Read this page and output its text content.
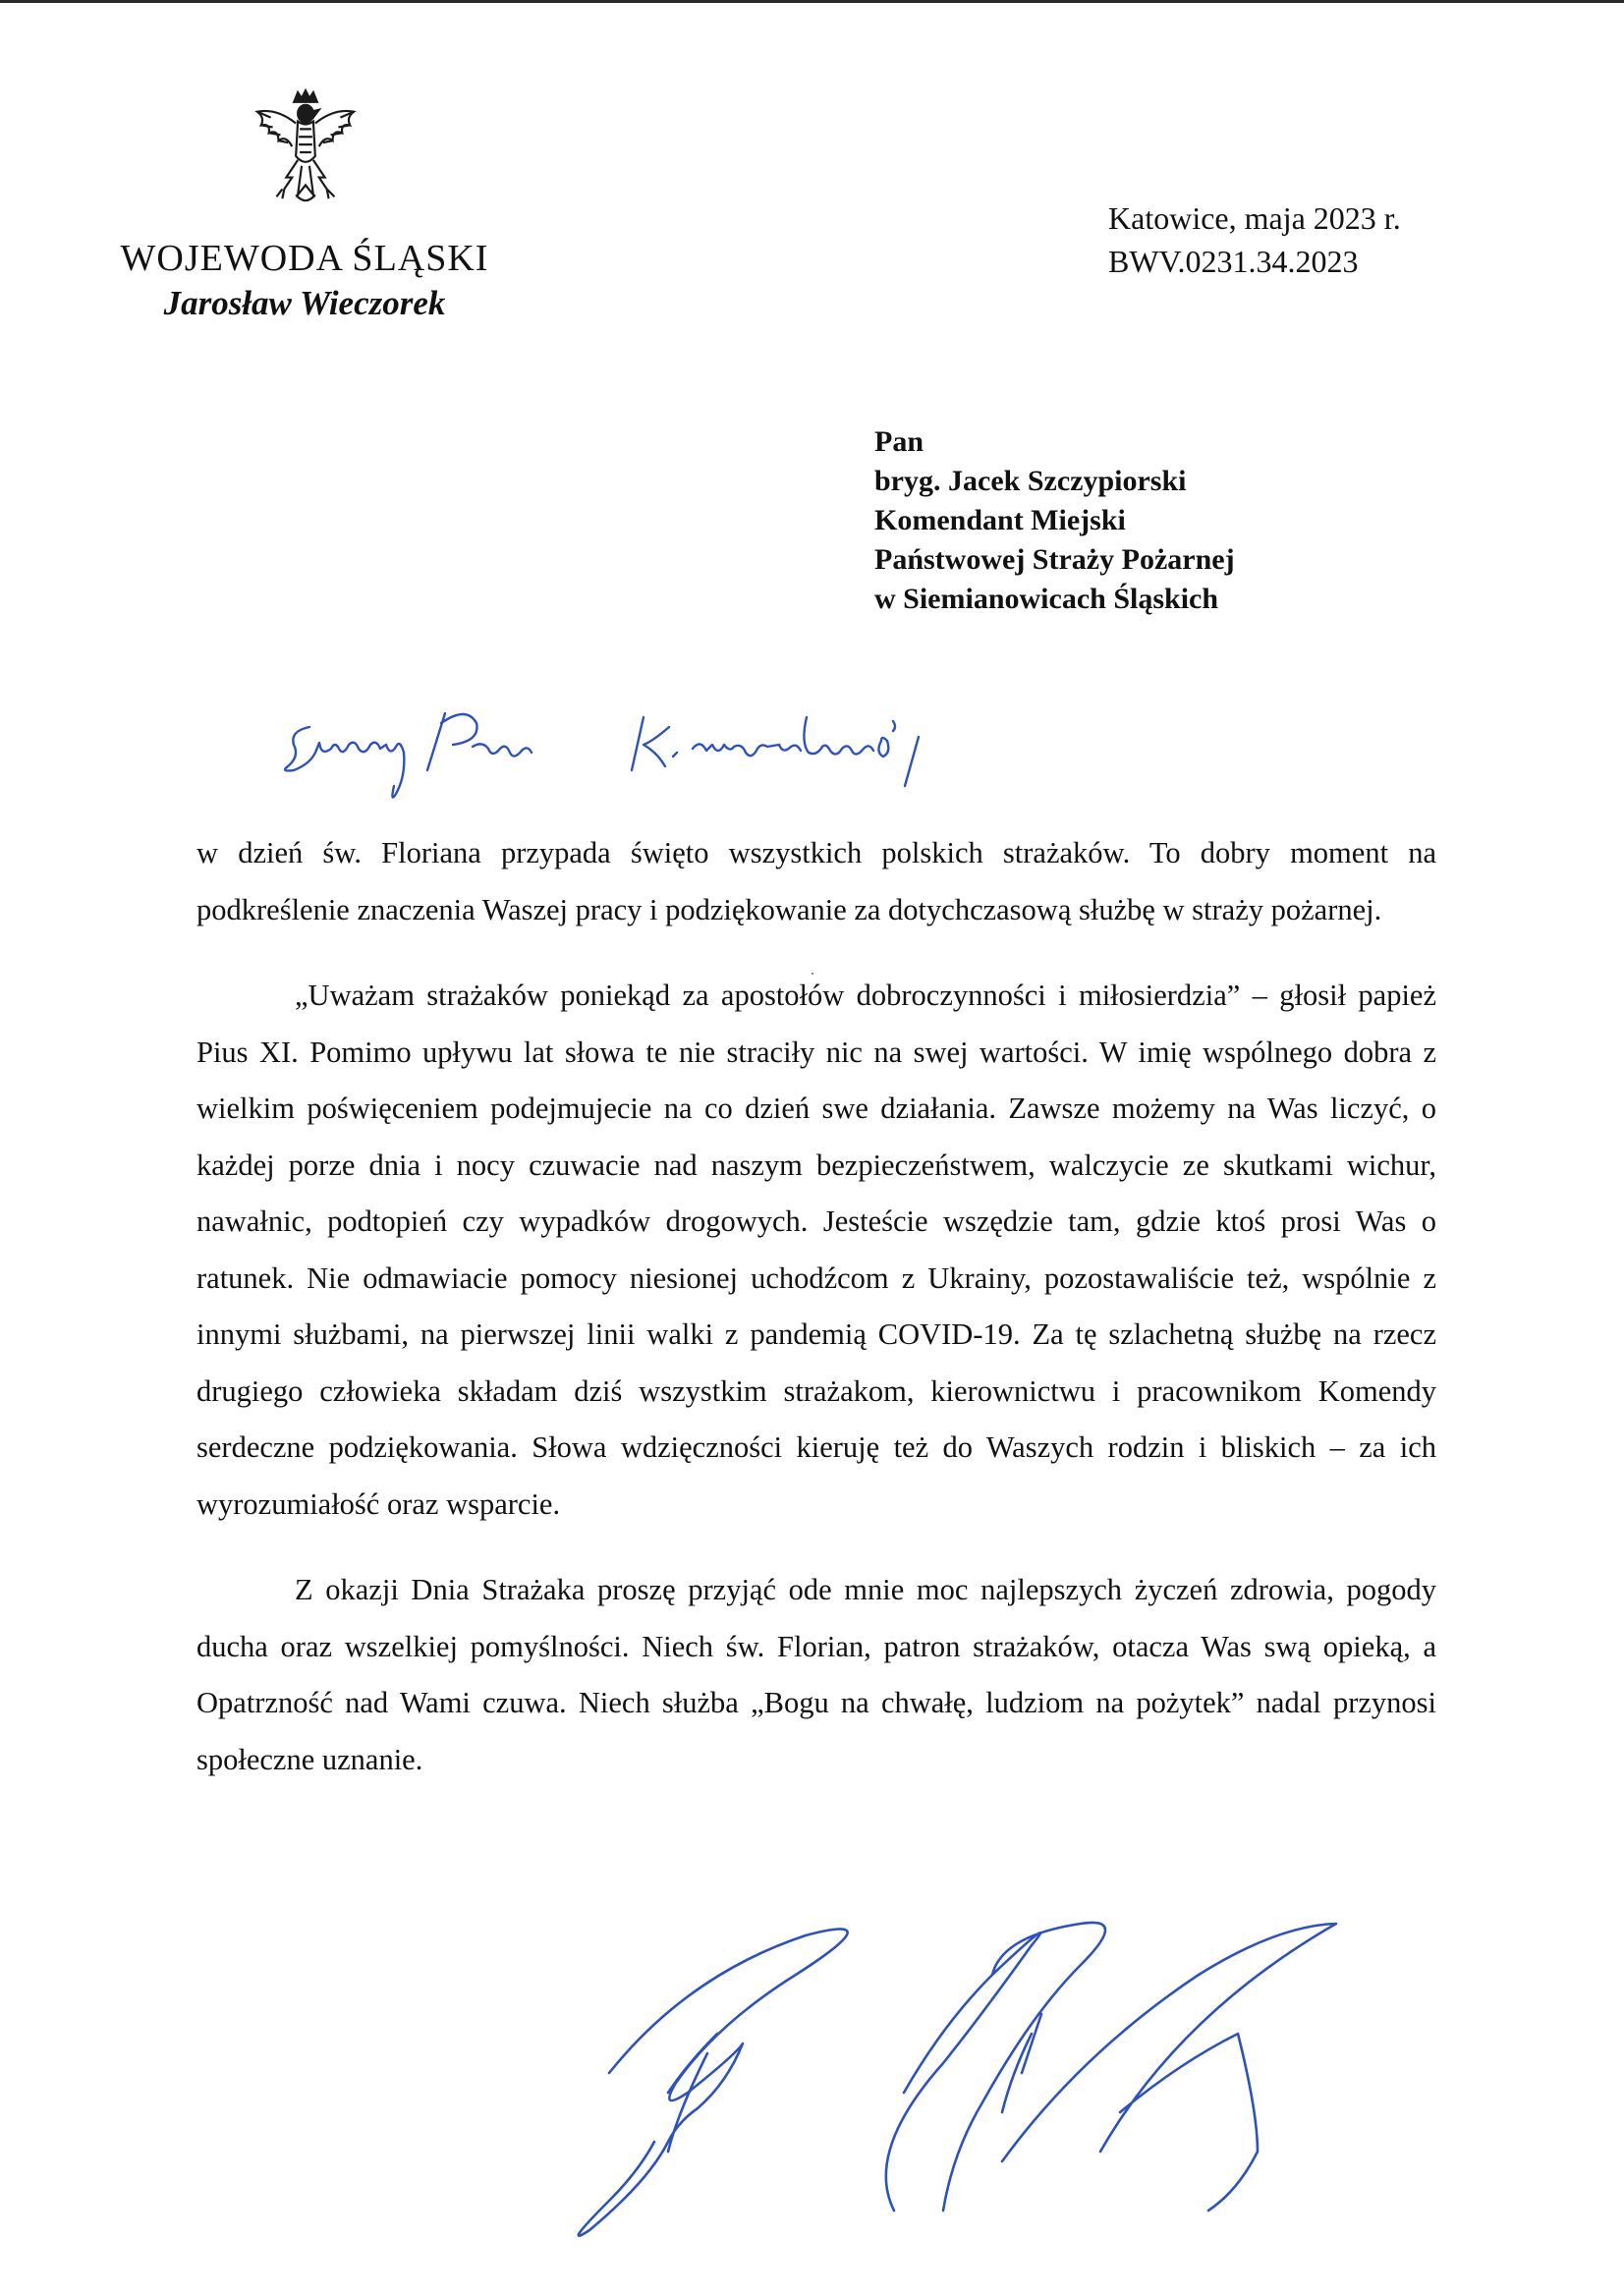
WOJEWODA ŚLĄSKI
Jarosław Wieczorek
Katowice, maja 2023 r.
BWV.0231.34.2023
Pan
bryg. Jacek Szczypiorski
Komendant Miejski
Państwowej Straży Pożarnej
w Siemianowicach Śląskich

w dzień św. Floriana przypada święto wszystkich polskich strażaków. To dobry moment na podkreślenie znaczenia Waszej pracy i podziękowanie za dotychczasową służbę w straży pożarnej.

„Uważam strażaków poniekąd za apostołów dobroczynności i miłosierdzia” – głosił papież Pius XI. Pomimo upływu lat słowa te nie straciły nic na swej wartości. W imię wspólnego dobra z wielkim poświęceniem podejmujecie na co dzień swe działania. Zawsze możemy na Was liczyć, o każdej porze dnia i nocy czuwacie nad naszym bezpieczeństwem, walczycie ze skutkami wichur, nawałnic, podtopień czy wypadków drogowych. Jesteście wszędzie tam, gdzie ktoś prosi Was o ratunek. Nie odmawiacie pomocy niesionej uchodźcom z Ukrainy, pozostawaliście też, wspólnie z innymi służbami, na pierwszej linii walki z pandemią COVID-19. Za tę szlachetną służbę na rzecz drugiego człowieka składam dziś wszystkim strażakom, kierownictwu i pracownikom Komendy serdeczne podziękowania. Słowa wdzięczności kieruję też do Waszych rodzin i bliskich – za ich wyrozumiałość oraz wsparcie.

Z okazji Dnia Strażaka proszę przyjąć ode mnie moc najlepszych życzeń zdrowia, pogody ducha oraz wszelkiej pomyślności. Niech św. Florian, patron strażaków, otacza Was swą opieką, a Opatrzność nad Wami czuwa. Niech służba „Bogu na chwałę, ludziom na pożytek” nadal przynosi społeczne uznanie.
